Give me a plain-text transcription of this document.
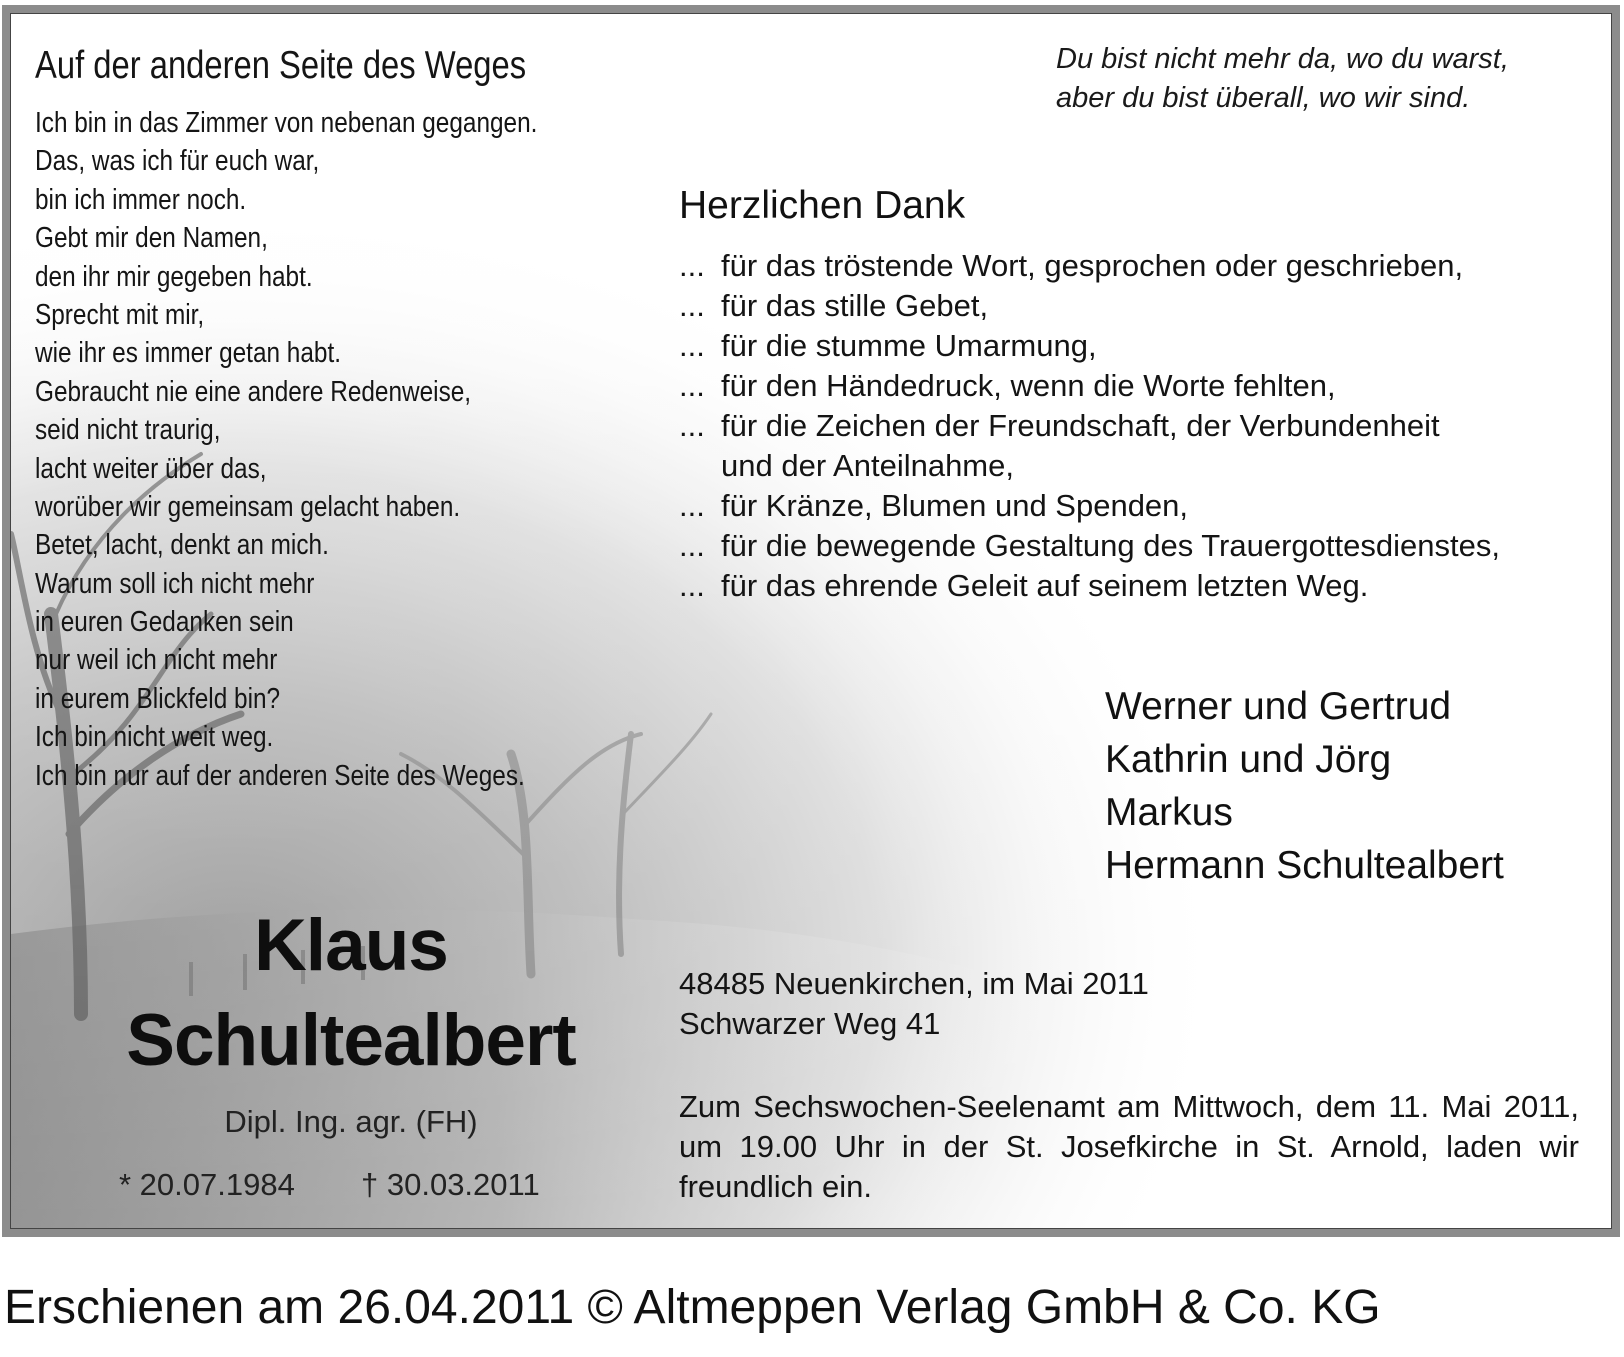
Auf der anderen Seite des Weges
Ich bin in das Zimmer von nebenan gegangen.
Das, was ich für euch war,
bin ich immer noch.
Gebt mir den Namen,
den ihr mir gegeben habt.
Sprecht mit mir,
wie ihr es immer getan habt.
Gebraucht nie eine andere Redenweise,
seid nicht traurig,
lacht weiter über das,
worüber wir gemeinsam gelacht haben.
Betet, lacht, denkt an mich.
Warum soll ich nicht mehr
in euren Gedanken sein
nur weil ich nicht mehr
in eurem Blickfeld bin?
Ich bin nicht weit weg.
Ich bin nur auf der anderen Seite des Weges.
Du bist nicht mehr da, wo du warst,
aber du bist überall, wo wir sind.
Herzlichen Dank
... für das tröstende Wort, gesprochen oder geschrieben,
... für das stille Gebet,
... für die stumme Umarmung,
... für den Händedruck, wenn die Worte fehlten,
... für die Zeichen der Freundschaft, der Verbundenheit
und der Anteilnahme,
... für Kränze, Blumen und Spenden,
... für die bewegende Gestaltung des Trauergottesdienstes,
... für das ehrende Geleit auf seinem letzten Weg.
Werner und Gertrud
Kathrin und Jörg
Markus
Hermann Schultealbert
Klaus
Schultealbert
Dipl. Ing. agr. (FH)
* 20.07.1984 † 30.03.2011
48485 Neuenkirchen, im Mai 2011
Schwarzer Weg 41
Zum Sechswochen-Seelenamt am Mittwoch, dem 11. Mai 2011, um 19.00 Uhr in der St. Josefkirche in St. Arnold, laden wir freundlich ein.
Erschienen am 26.04.2011 © Altmeppen Verlag GmbH & Co. KG
